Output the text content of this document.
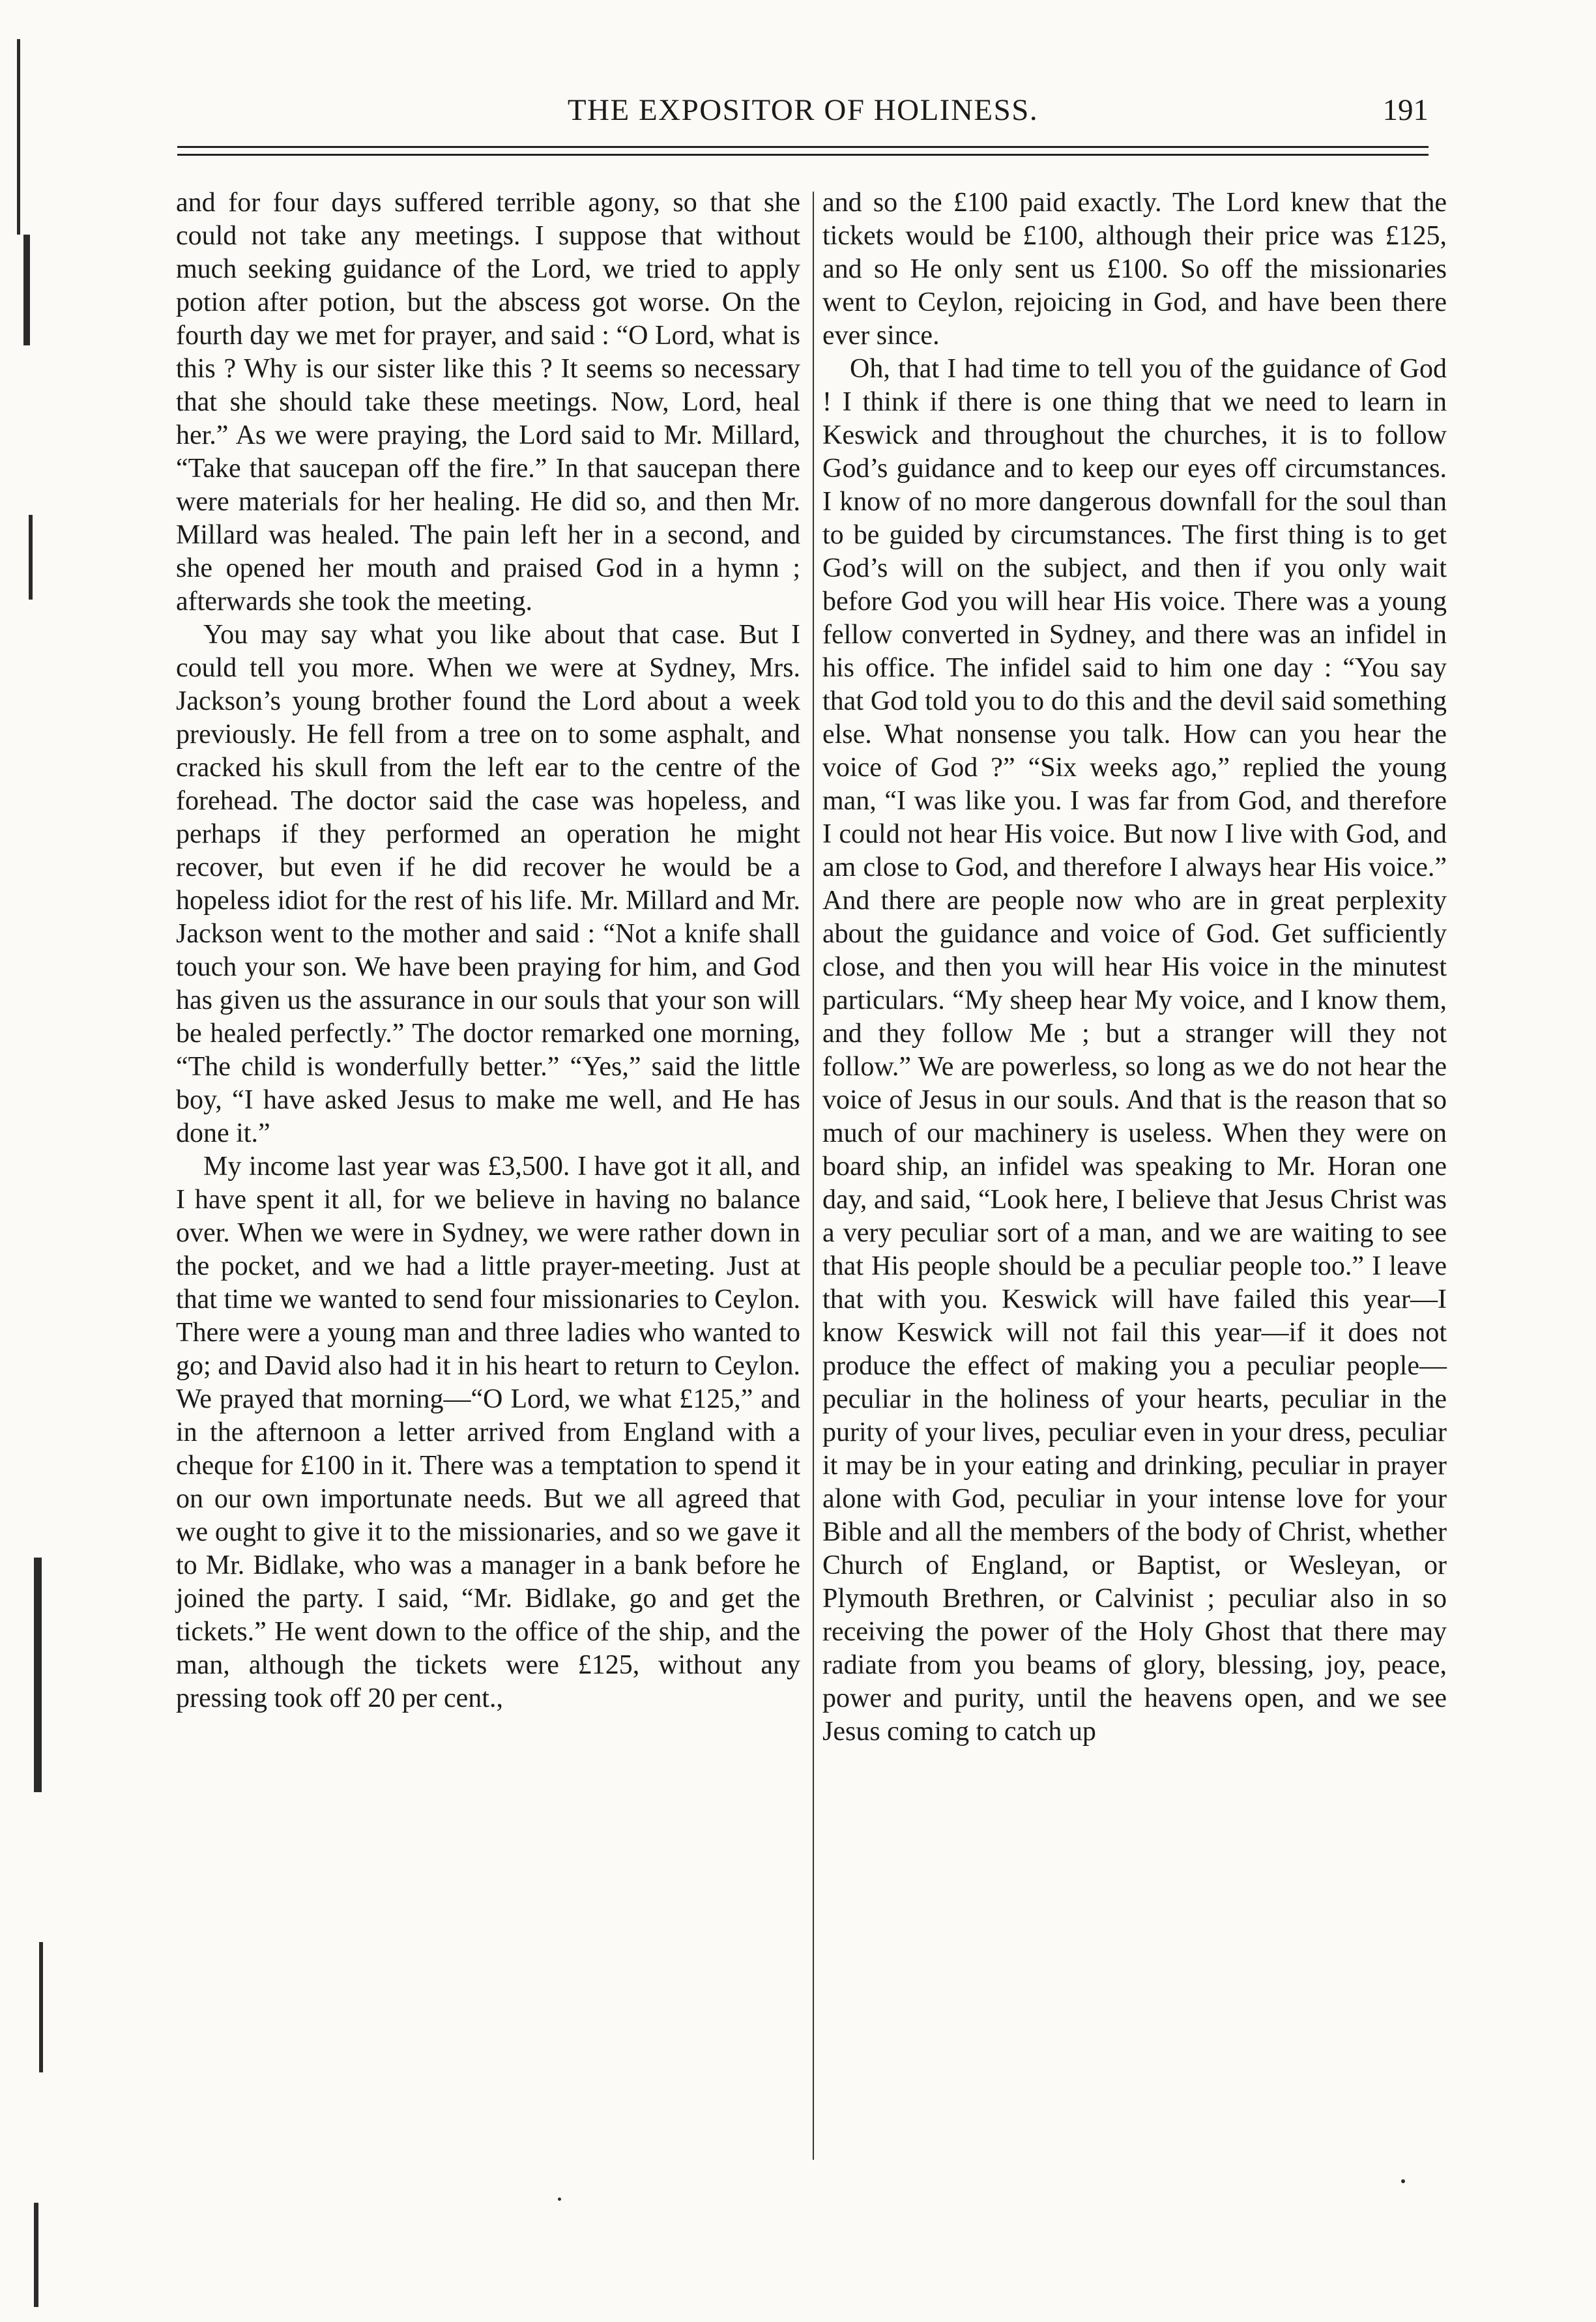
THE EXPOSITOR OF HOLINESS.	191

and for four days suffered terrible agony, so that she could not take any meetings. I suppose that without much seeking guidance of the Lord, we tried to apply potion after potion, but the abscess got worse. On the fourth day we met for prayer, and said : “O Lord, what is this ? Why is our sister like this ? It seems so necessary that she should take these meetings. Now, Lord, heal her.” As we were praying, the Lord said to Mr. Millard, “Take that saucepan off the fire.” In that saucepan there were materials for her healing. He did so, and then Mr. Millard was healed. The pain left her in a second, and she opened her mouth and praised God in a hymn ; afterwards she took the meeting.

You may say what you like about that case. But I could tell you more. When we were at Sydney, Mrs. Jackson’s young brother found the Lord about a week previously. He fell from a tree on to some asphalt, and cracked his skull from the left ear to the centre of the forehead. The doctor said the case was hopeless, and perhaps if they performed an operation he might recover, but even if he did recover he would be a hopeless idiot for the rest of his life. Mr. Millard and Mr. Jackson went to the mother and said : “Not a knife shall touch your son. We have been praying for him, and God has given us the assurance in our souls that your son will be healed perfectly.” The doctor remarked one morning, “The child is wonderfully better.” “Yes,” said the little boy, “I have asked Jesus to make me well, and He has done it.”

My income last year was £3,500. I have got it all, and I have spent it all, for we believe in having no balance over. When we were in Sydney, we were rather down in the pocket, and we had a little prayer-meeting. Just at that time we wanted to send four missionaries to Ceylon. There were a young man and three ladies who wanted to go; and David also had it in his heart to return to Ceylon. We prayed that morning—“O Lord, we what £125,” and in the afternoon a letter arrived from England with a cheque for £100 in it. There was a temptation to spend it on our own importunate needs. But we all agreed that we ought to give it to the missionaries, and so we gave it to Mr. Bidlake, who was a manager in a bank before he joined the party. I said, “Mr. Bidlake, go and get the tickets.” He went down to the office of the ship, and the man, although the tickets were £125, without any pressing took off 20 per cent.,

and so the £100 paid exactly. The Lord knew that the tickets would be £100, although their price was £125, and so He only sent us £100. So off the missionaries went to Ceylon, rejoicing in God, and have been there ever since.

Oh, that I had time to tell you of the guidance of God ! I think if there is one thing that we need to learn in Keswick and throughout the churches, it is to follow God’s guidance and to keep our eyes off circumstances. I know of no more dangerous downfall for the soul than to be guided by circumstances. The first thing is to get God’s will on the subject, and then if you only wait before God you will hear His voice. There was a young fellow converted in Sydney, and there was an infidel in his office. The infidel said to him one day : “You say that God told you to do this and the devil said something else. What nonsense you talk. How can you hear the voice of God ?” “Six weeks ago,” replied the young man, “I was like you. I was far from God, and therefore I could not hear His voice. But now I live with God, and am close to God, and therefore I always hear His voice.” And there are people now who are in great perplexity about the guidance and voice of God. Get sufficiently close, and then you will hear His voice in the minutest particulars. “My sheep hear My voice, and I know them, and they follow Me ; but a stranger will they not follow.” We are powerless, so long as we do not hear the voice of Jesus in our souls. And that is the reason that so much of our machinery is useless. When they were on board ship, an infidel was speaking to Mr. Horan one day, and said, “Look here, I believe that Jesus Christ was a very peculiar sort of a man, and we are waiting to see that His people should be a peculiar people too.” I leave that with you. Keswick will have failed this year—I know Keswick will not fail this year—if it does not produce the effect of making you a peculiar people—peculiar in the holiness of your hearts, peculiar in the purity of your lives, peculiar even in your dress, peculiar it may be in your eating and drinking, peculiar in prayer alone with God, peculiar in your intense love for your Bible and all the members of the body of Christ, whether Church of England, or Baptist, or Wesleyan, or Plymouth Brethren, or Calvinist ; peculiar also in so receiving the power of the Holy Ghost that there may radiate from you beams of glory, blessing, joy, peace, power and purity, until the heavens open, and we see Jesus coming to catch up
